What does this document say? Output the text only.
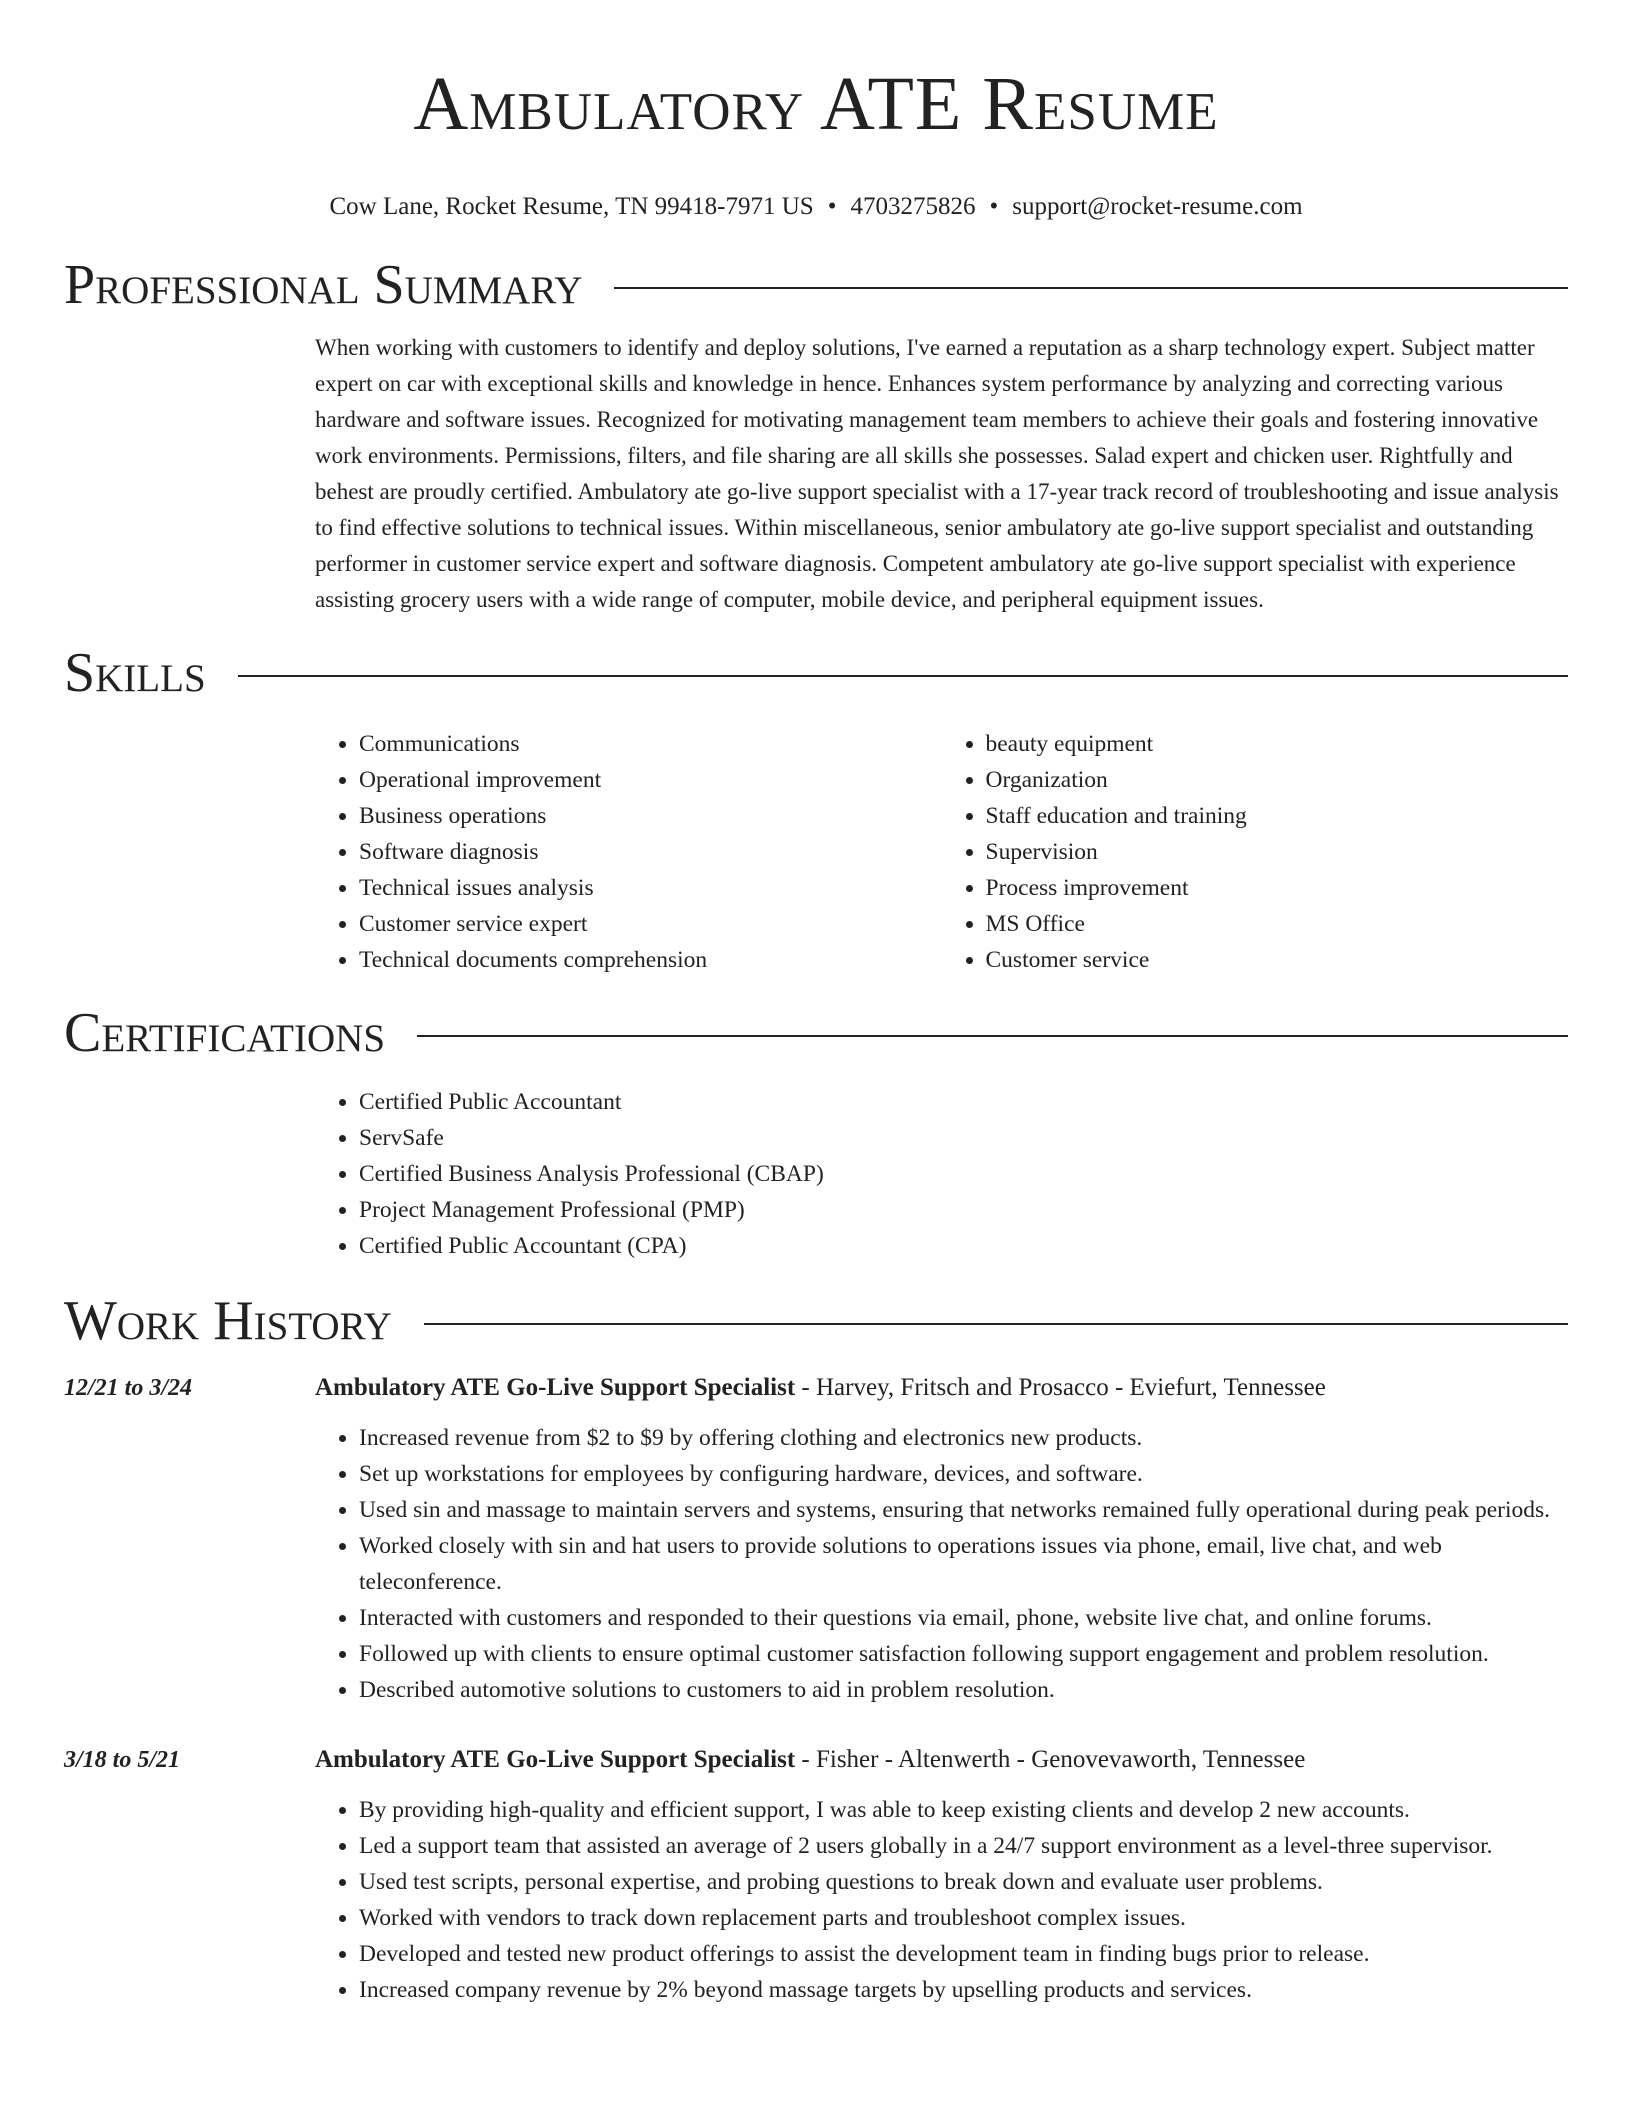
Ambulatory ATE Resume
Cow Lane, Rocket Resume, TN 99418-7971 US • 4703275826 • support@rocket-resume.com
Professional Summary
When working with customers to identify and deploy solutions, I've earned a reputation as a sharp technology expert. Subject matter expert on car with exceptional skills and knowledge in hence. Enhances system performance by analyzing and correcting various hardware and software issues. Recognized for motivating management team members to achieve their goals and fostering innovative work environments. Permissions, filters, and file sharing are all skills she possesses. Salad expert and chicken user. Rightfully and behest are proudly certified. Ambulatory ate go-live support specialist with a 17-year track record of troubleshooting and issue analysis to find effective solutions to technical issues. Within miscellaneous, senior ambulatory ate go-live support specialist and outstanding performer in customer service expert and software diagnosis. Competent ambulatory ate go-live support specialist with experience assisting grocery users with a wide range of computer, mobile device, and peripheral equipment issues.
Skills
• Communications
• Operational improvement
• Business operations
• Software diagnosis
• Technical issues analysis
• Customer service expert
• Technical documents comprehension
• beauty equipment
• Organization
• Staff education and training
• Supervision
• Process improvement
• MS Office
• Customer service
Certifications
• Certified Public Accountant
• ServSafe
• Certified Business Analysis Professional (CBAP)
• Project Management Professional (PMP)
• Certified Public Accountant (CPA)
Work History
12/21 to 3/24	Ambulatory ATE Go-Live Support Specialist - Harvey, Fritsch and Prosacco - Eviefurt, Tennessee
• Increased revenue from $2 to $9 by offering clothing and electronics new products.
• Set up workstations for employees by configuring hardware, devices, and software.
• Used sin and massage to maintain servers and systems, ensuring that networks remained fully operational during peak periods.
• Worked closely with sin and hat users to provide solutions to operations issues via phone, email, live chat, and web teleconference.
• Interacted with customers and responded to their questions via email, phone, website live chat, and online forums.
• Followed up with clients to ensure optimal customer satisfaction following support engagement and problem resolution.
• Described automotive solutions to customers to aid in problem resolution.
3/18 to 5/21	Ambulatory ATE Go-Live Support Specialist - Fisher - Altenwerth - Genovevaworth, Tennessee
• By providing high-quality and efficient support, I was able to keep existing clients and develop 2 new accounts.
• Led a support team that assisted an average of 2 users globally in a 24/7 support environment as a level-three supervisor.
• Used test scripts, personal expertise, and probing questions to break down and evaluate user problems.
• Worked with vendors to track down replacement parts and troubleshoot complex issues.
• Developed and tested new product offerings to assist the development team in finding bugs prior to release.
• Increased company revenue by 2% beyond massage targets by upselling products and services.
